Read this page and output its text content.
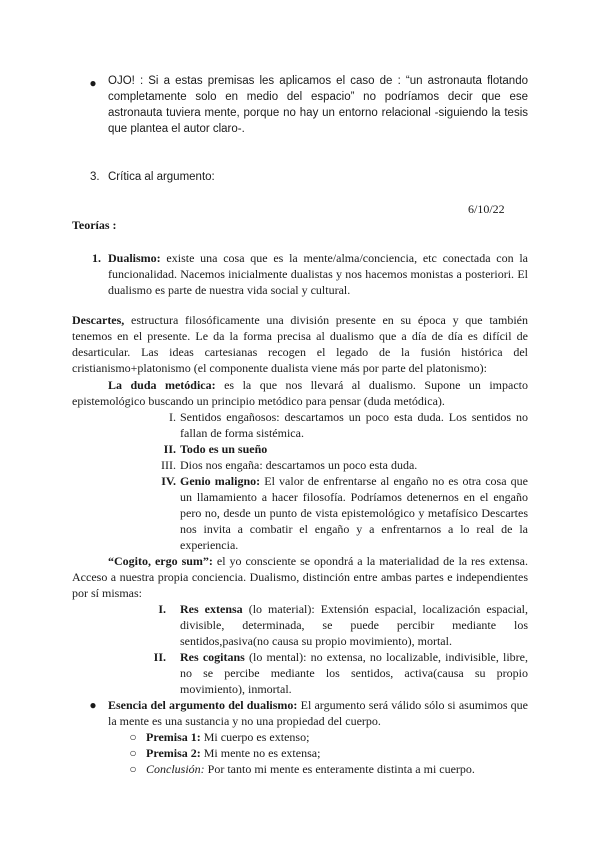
● OJO! : Si a estas premisas les aplicamos el caso de : “un astronauta flotando completamente solo en medio del espacio” no podríamos decir que ese astronauta tuviera mente, porque no hay un entorno relacional -siguiendo la tesis que plantea el autor claro-.

3. Crítica al argumento:
6/10/22
Teorías :
1. Dualismo: existe una cosa que es la mente/alma/conciencia, etc conectada con la funcionalidad. Nacemos inicialmente dualistas y nos hacemos monistas a posteriori. El dualismo es parte de nuestra vida social y cultural.

Descartes, estructura filosóficamente una división presente en su época y que también tenemos en el presente. Le da la forma precisa al dualismo que a día de día es difícil de desarticular. Las ideas cartesianas recogen el legado de la fusión histórica del cristianismo+platonismo (el componente dualista viene más por parte del platonismo):

La duda metódica: es la que nos llevará al dualismo. Supone un impacto epistemológico buscando un principio metódico para pensar (duda metódica).

I. Sentidos engañosos: descartamos un poco esta duda. Los sentidos no fallan de forma sistémica.

II. Todo es un sueño

III. Dios nos engaña: descartamos un poco esta duda.

IV. Genio maligno: El valor de enfrentarse al engaño no es otra cosa que un llamamiento a hacer filosofía. Podríamos detenernos en el engaño pero no, desde un punto de vista epistemológico y metafísico Descartes nos invita a combatir el engaño y a enfrentarnos a lo real de la experiencia.

“Cogito, ergo sum”: el yo consciente se opondrá a la materialidad de la res extensa. Acceso a nuestra propia conciencia. Dualismo, distinción entre ambas partes e independientes por sí mismas:

I. Res extensa (lo material): Extensión espacial, localización espacial, divisible, determinada, se puede percibir mediante los sentidos,pasiva(no causa su propio movimiento), mortal.

II. Res cogitans (lo mental): no extensa, no localizable, indivisible, libre, no se percibe mediante los sentidos, activa(causa su propio movimiento), inmortal.

● Esencia del argumento del dualismo: El argumento será válido sólo si asumimos que la mente es una sustancia y no una propiedad del cuerpo.

○ Premisa 1: Mi cuerpo es extenso;

○ Premisa 2: Mi mente no es extensa;

○ Conclusión: Por tanto mi mente es enteramente distinta a mi cuerpo.
